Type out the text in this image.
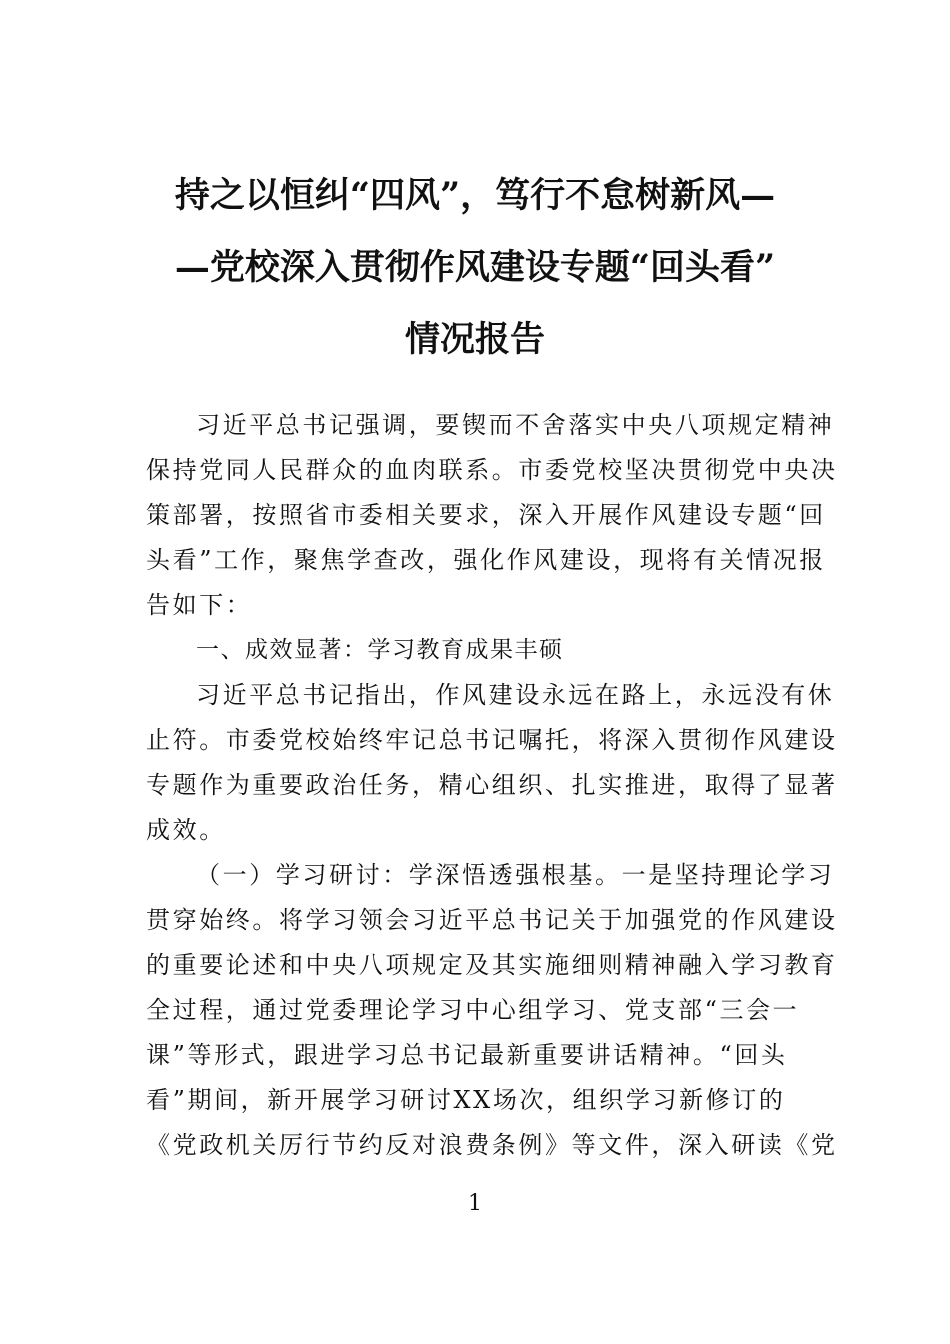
持之以恒纠“四风”，笃行不怠树新风—
—党校深入贯彻作风建设专题“回头看”
情况报告
习近平总书记强调，要锲而不舍落实中央八项规定精神
保持党同人民群众的血肉联系。市委党校坚决贯彻党中央决
策部署，按照省市委相关要求，深入开展作风建设专题“回
头看”工作，聚焦学查改，强化作风建设，现将有关情况报
告如下：
一、成效显著：学习教育成果丰硕
习近平总书记指出，作风建设永远在路上，永远没有休
止符。市委党校始终牢记总书记嘱托，将深入贯彻作风建设
专题作为重要政治任务，精心组织、扎实推进，取得了显著
成效。
（一）学习研讨：学深悟透强根基。一是坚持理论学习
贯穿始终。将学习领会习近平总书记关于加强党的作风建设
的重要论述和中央八项规定及其实施细则精神融入学习教育
全过程，通过党委理论学习中心组学习、党支部“三会一
课”等形式，跟进学习总书记最新重要讲话精神。“回头
看”期间，新开展学习研讨XX场次，组织学习新修订的
《党政机关厉行节约反对浪费条例》等文件，深入研读《党
1
